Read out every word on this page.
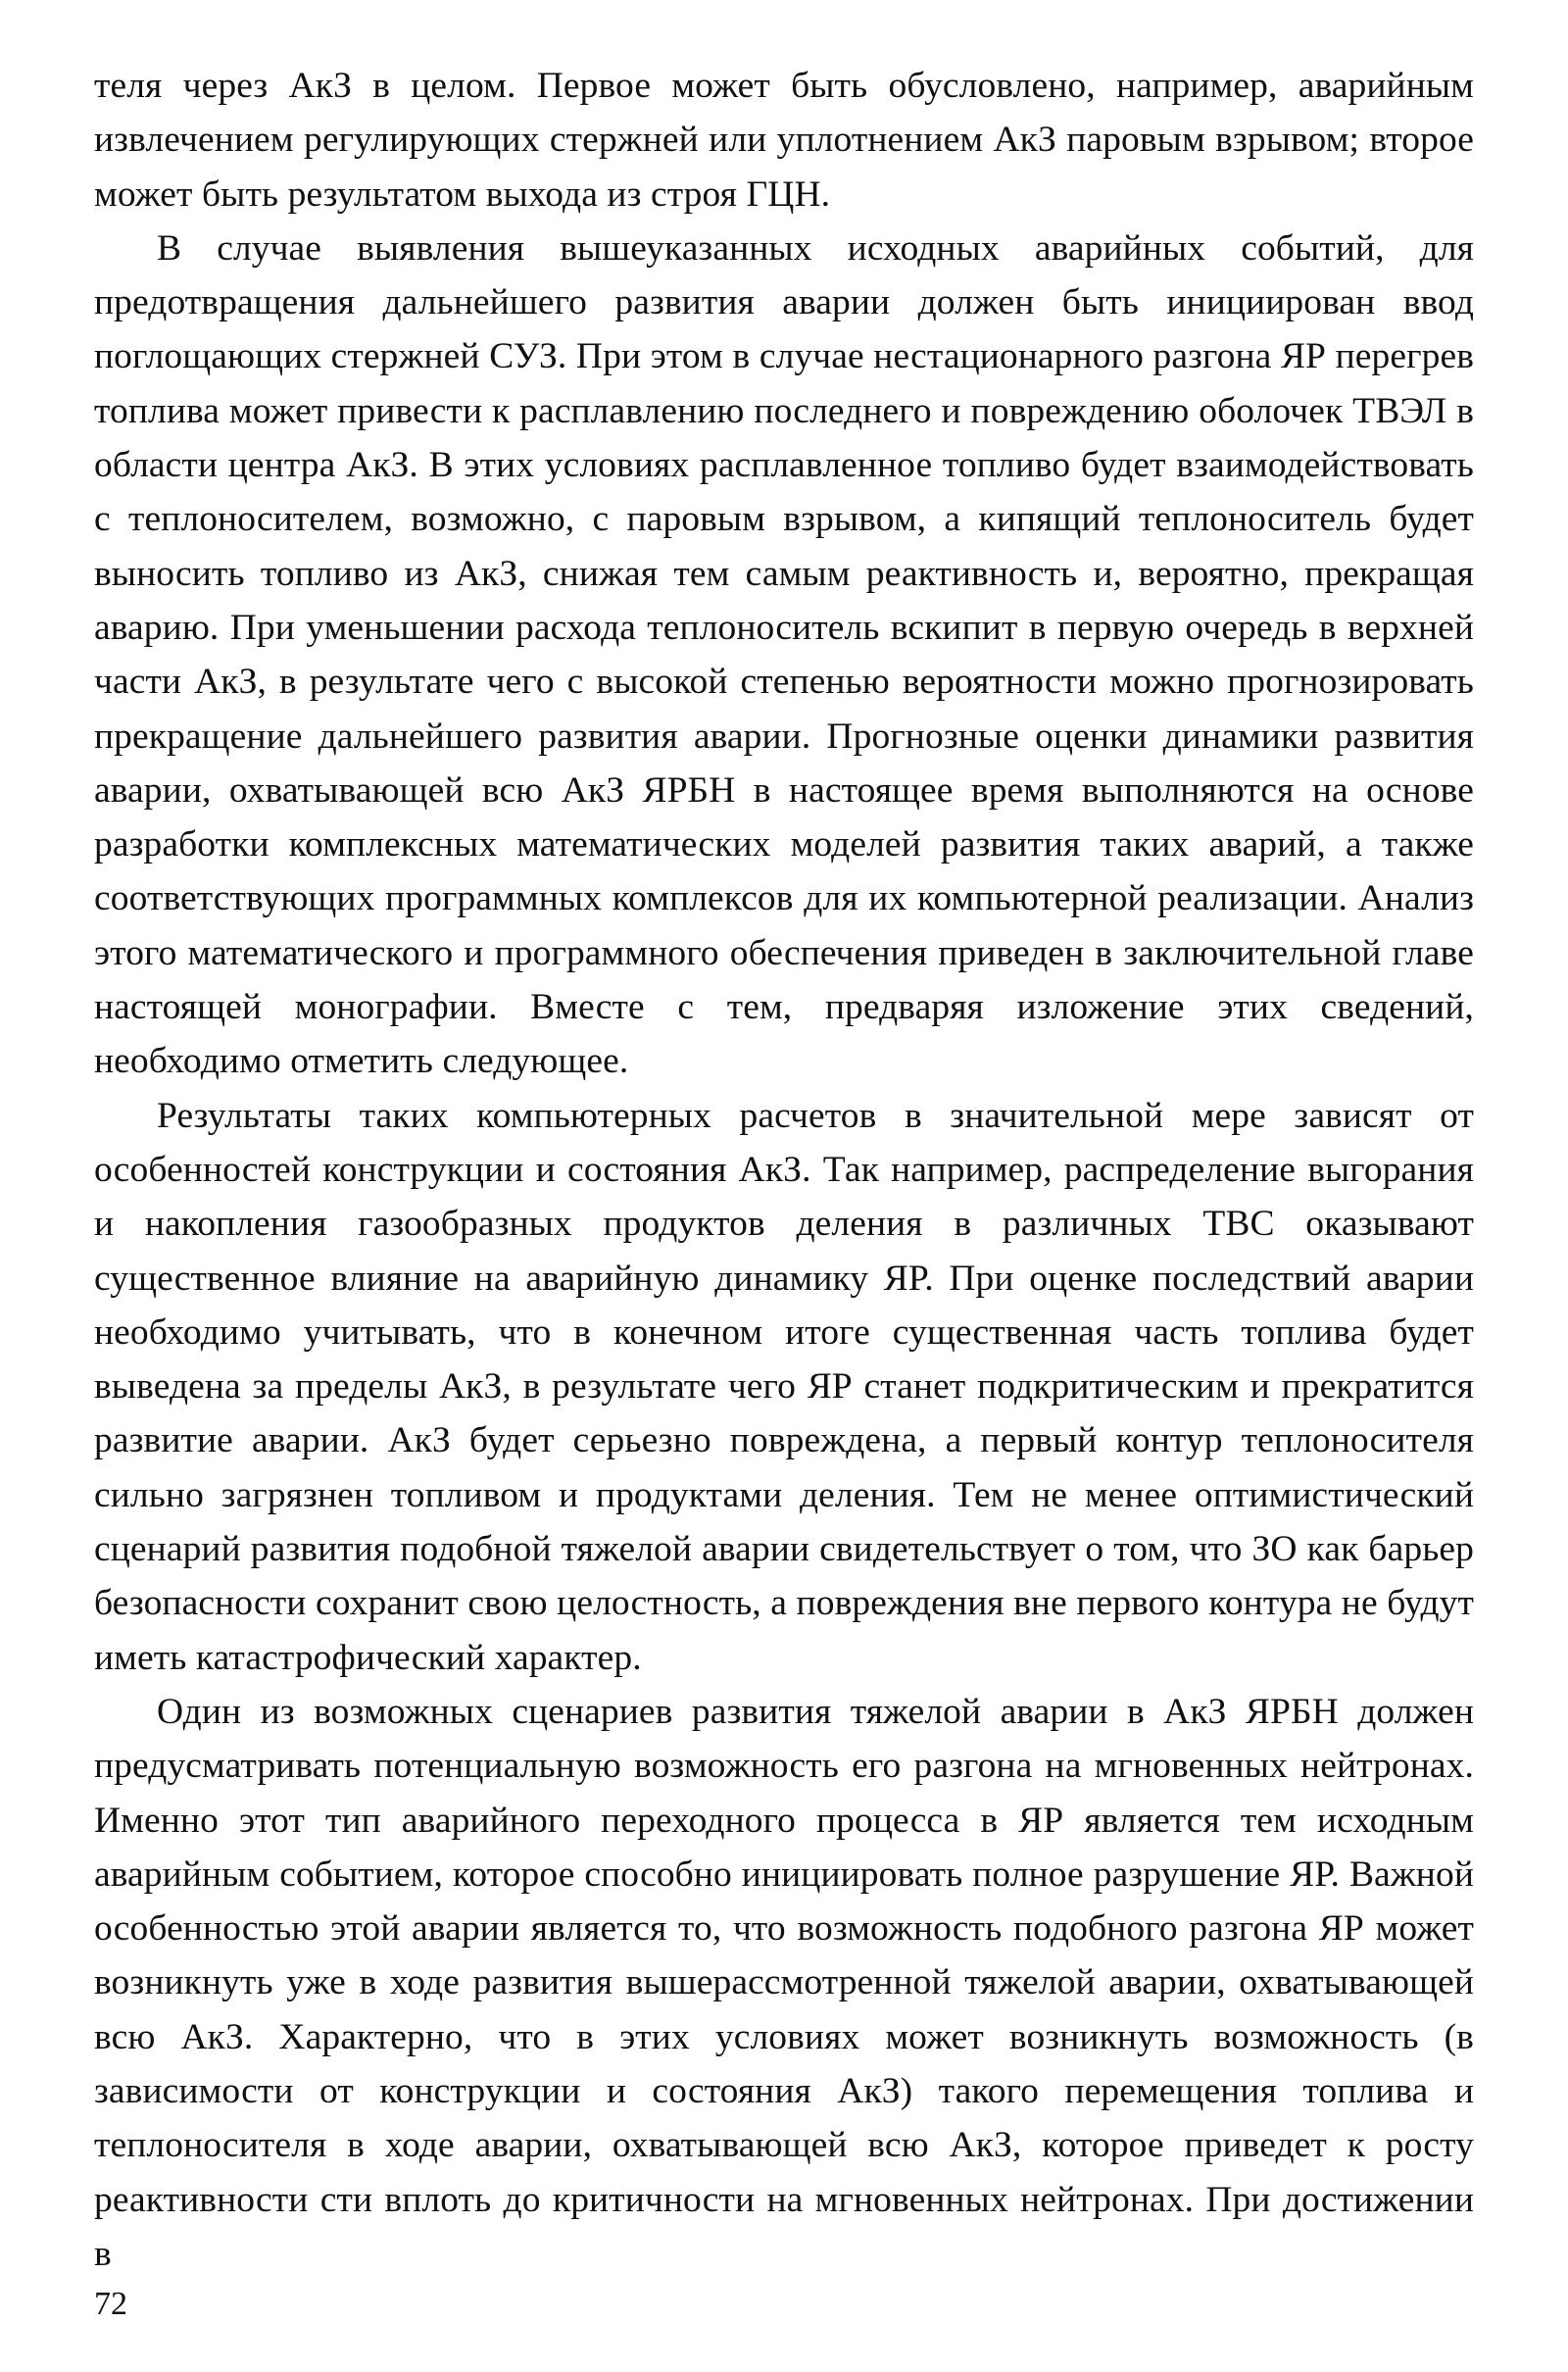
теля через АкЗ в целом. Первое может быть обусловлено, например, аварийным извлечением регулирующих стержней или уплотнением АкЗ паровым взрывом; второе может быть результатом выхода из строя ГЦН.

В случае выявления вышеуказанных исходных аварийных событий, для предотвращения дальнейшего развития аварии должен быть инициирован ввод поглощающих стержней СУЗ. При этом в случае нестационарного разгона ЯР перегрев топлива может привести к расплавлению последнего и повреждению оболочек ТВЭЛ в области центра АкЗ. В этих условиях расплавленное топливо будет взаимодействовать с теплоносителем, возможно, с паровым взрывом, а кипящий теплоноситель будет выносить топливо из АкЗ, снижая тем самым реактивность и, вероятно, прекращая аварию. При уменьшении расхода теплоноситель вскипит в первую очередь в верхней части АкЗ, в результате чего с высокой степенью вероятности можно прогнозировать прекращение дальнейшего развития аварии. Прогнозные оценки динамики развития аварии, охватывающей всю АкЗ ЯРБН в настоящее время выполняются на основе разработки комплексных математических моделей развития таких аварий, а также соответствующих программных комплексов для их компьютерной реализации. Анализ этого математического и программного обеспечения приведен в заключительной главе настоящей монографии. Вместе с тем, предваряя изложение этих сведений, необходимо отметить следующее.

Результаты таких компьютерных расчетов в значительной мере зависят от особенностей конструкции и состояния АкЗ. Так например, распределение выгорания и накопления газообразных продуктов деления в различных ТВС оказывают существенное влияние на аварийную динамику ЯР. При оценке последствий аварии необходимо учитывать, что в конечном итоге существенная часть топлива будет выведена за пределы АкЗ, в результате чего ЯР станет подкритическим и прекратится развитие аварии. АкЗ будет серьезно повреждена, а первый контур теплоносителя сильно загрязнен топливом и продуктами деления. Тем не менее оптимистический сценарий развития подобной тяжелой аварии свидетельствует о том, что ЗО как барьер безопасности сохранит свою целостность, а повреждения вне первого контура не будут иметь катастрофический характер.

Один из возможных сценариев развития тяжелой аварии в АкЗ ЯРБН должен предусматривать потенциальную возможность его разгона на мгновенных нейтронах. Именно этот тип аварийного переходного процесса в ЯР является тем исходным аварийным событием, которое способно инициировать полное разрушение ЯР. Важной особенностью этой аварии является то, что возможность подобного разгона ЯР может возникнуть уже в ходе развития вышерассмотренной тяжелой аварии, охватывающей всю АкЗ. Характерно, что в этих условиях может возникнуть возможность (в зависимости от конструкции и состояния АкЗ) такого перемещения топлива и теплоносителя в ходе аварии, охватывающей всю АкЗ, которое приведет к росту реактивности сти вплоть до критичности на мгновенных нейтронах. При достижении в

72
